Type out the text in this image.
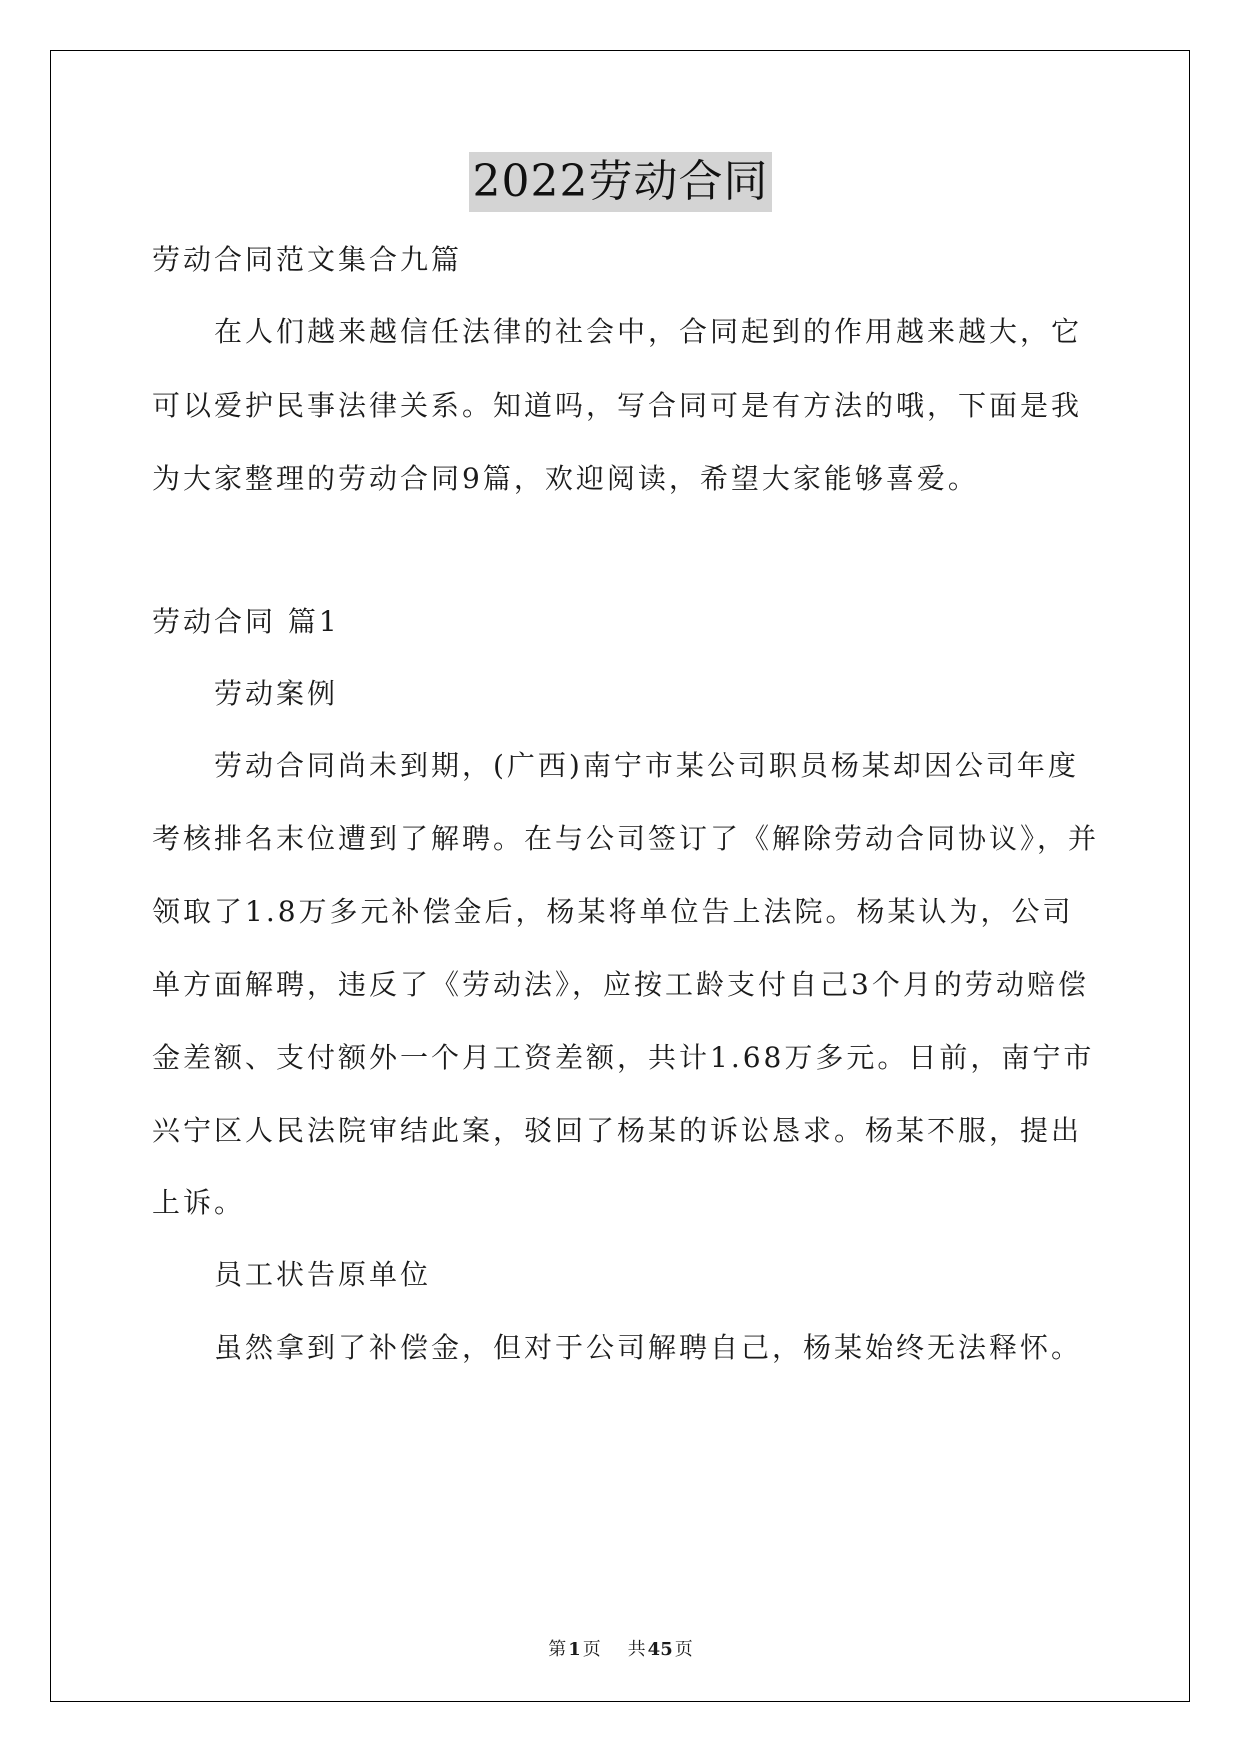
2022劳动合同
劳动合同范文集合九篇
在人们越来越信任法律的社会中，合同起到的作用越来越大，它
可以爱护民事法律关系。知道吗，写合同可是有方法的哦，下面是我
为大家整理的劳动合同9篇，欢迎阅读，希望大家能够喜爱。
劳动合同 篇1
劳动案例
劳动合同尚未到期，(广西)南宁市某公司职员杨某却因公司年度
考核排名末位遭到了解聘。在与公司签订了《解除劳动合同协议》，并
领取了1.8万多元补偿金后，杨某将单位告上法院。杨某认为，公司
单方面解聘，违反了《劳动法》，应按工龄支付自己3个月的劳动赔偿
金差额、支付额外一个月工资差额，共计1.68万多元。日前，南宁市
兴宁区人民法院审结此案，驳回了杨某的诉讼恳求。杨某不服，提出
上诉。
员工状告原单位
虽然拿到了补偿金，但对于公司解聘自己，杨某始终无法释怀。
第 1 页 共 45 页
